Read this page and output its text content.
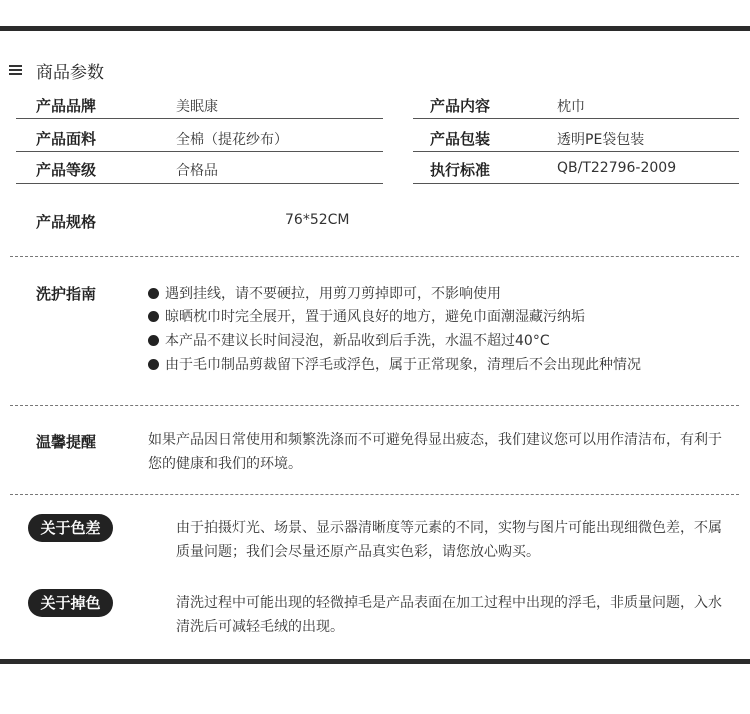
商品参数
产品品牌	美眠康	产品内容	枕巾
产品面料	全棉（提花纱布）	产品包装	透明PE袋包装
产品等级	合格品	执行标准	QB/T22796-2009
产品规格	76*52CM
洗护指南	遇到挂线，请不要硬拉，用剪刀剪掉即可，不影响使用
晾晒枕巾时完全展开，置于通风良好的地方，避免巾面潮湿藏污纳垢
本产品不建议长时间浸泡，新品收到后手洗，水温不超过40°C
由于毛巾制品剪裁留下浮毛或浮色，属于正常现象，清理后不会出现此种情况
温馨提醒	如果产品因日常使用和频繁洗涤而不可避免得显出疲态，我们建议您可以用作清洁布，有利于您的健康和我们的环境。
关于色差	由于拍摄灯光、场景、显示器清晰度等元素的不同，实物与图片可能出现细微色差，不属质量问题；我们会尽量还原产品真实色彩，请您放心购买。
关于掉色	清洗过程中可能出现的轻微掉毛是产品表面在加工过程中出现的浮毛，非质量问题，入水清洗后可减轻毛绒的出现。
